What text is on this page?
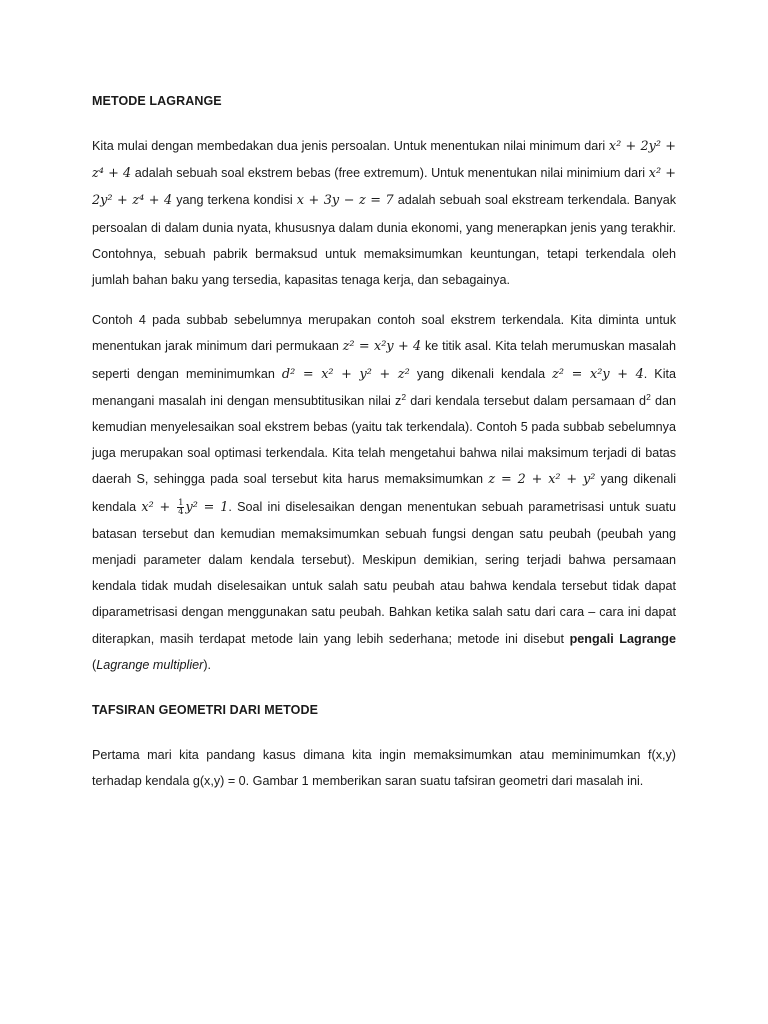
METODE LAGRANGE

Kita mulai dengan membedakan dua jenis persoalan. Untuk menentukan nilai minimum dari x² + 2y² + z⁴ + 4 adalah sebuah soal ekstrem bebas (free extremum). Untuk menentukan nilai minimium dari x² + 2y² + z⁴ + 4 yang terkena kondisi x + 3y − z = 7 adalah sebuah soal ekstream terkendala. Banyak persoalan di dalam dunia nyata, khususnya dalam dunia ekonomi, yang menerapkan jenis yang terakhir. Contohnya, sebuah pabrik bermaksud untuk memaksimumkan keuntungan, tetapi terkendala oleh jumlah bahan baku yang tersedia, kapasitas tenaga kerja, dan sebagainya.

Contoh 4 pada subbab sebelumnya merupakan contoh soal ekstrem terkendala. Kita diminta untuk menentukan jarak minimum dari permukaan z² = x²y + 4 ke titik asal. Kita telah merumuskan masalah seperti dengan meminimumkan d² = x² + y² + z² yang dikenali kendala z² = x²y + 4. Kita menangani masalah ini dengan mensubtitusikan nilai $z^2$ dari kendala tersebut dalam persamaan $d^2$ dan kemudian menyelesaikan soal ekstrem bebas (yaitu tak terkendala). Contoh 5 pada subbab sebelumnya juga merupakan soal optimasi terkendala. Kita telah mengetahui bahwa nilai maksimum terjadi di batas daerah S, sehingga pada soal tersebut kita harus memaksimumkan z = 2 + x² + y² yang dikenali kendala $x^2 + \frac{1}{4} y^2 = 1$. Soal ini diselesaikan dengan menentukan sebuah parametrisasi untuk suatu batasan tersebut dan kemudian memaksimumkan sebuah fungsi dengan satu peubah (peubah yang menjadi parameter dalam kendala tersebut). Meskipun demikian, sering terjadi bahwa persamaan kendala tidak mudah diselesaikan untuk salah satu peubah atau bahwa kendala tersebut tidak dapat diparametrisasi dengan menggunakan satu peubah. Bahkan ketika salah satu dari cara – cara ini dapat diterapkan, masih terdapat metode lain yang lebih sederhana; metode ini disebut pengali Lagrange (Lagrange multiplier).

TAFSIRAN GEOMETRI DARI METODE

Pertama mari kita pandang kasus dimana kita ingin memaksimumkan atau meminimumkan f(x,y) terhadap kendala g(x,y) = 0. Gambar 1 memberikan saran suatu tafsiran geometri dari masalah ini.
